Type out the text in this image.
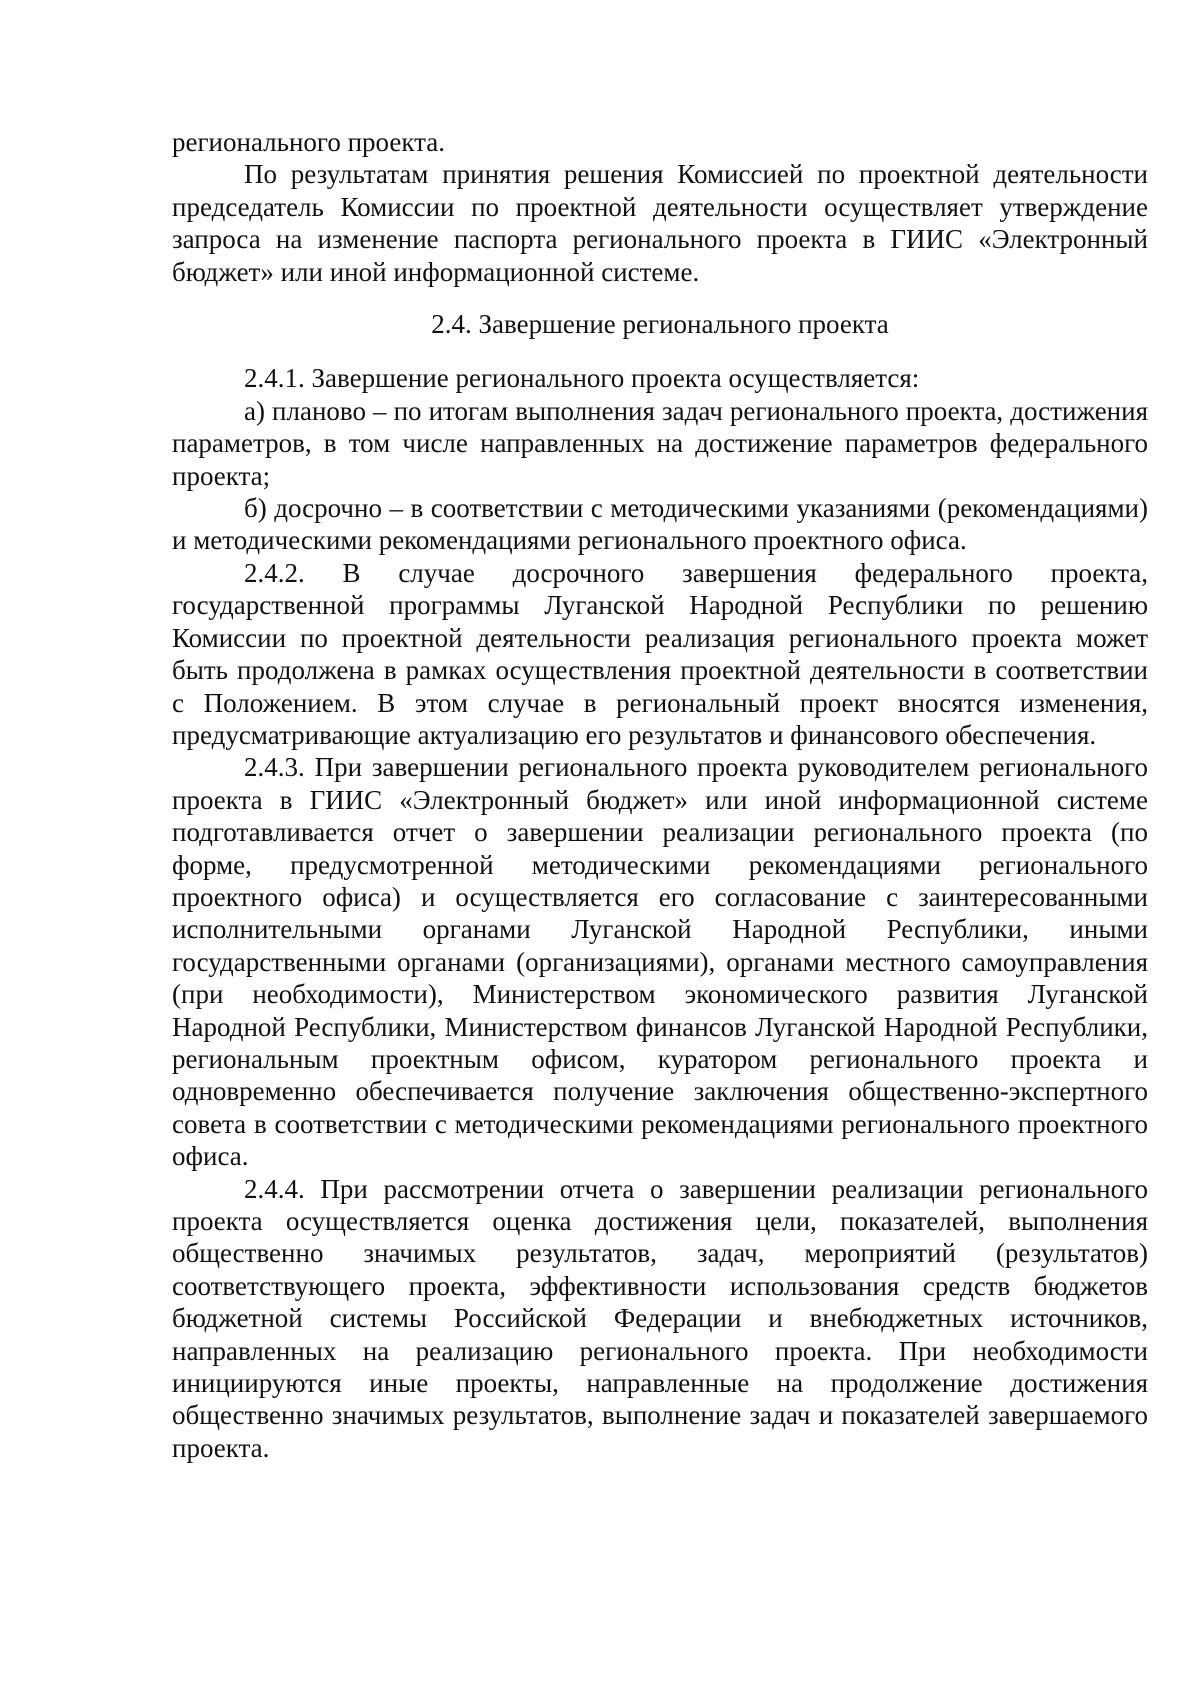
регионального проекта.

По результатам принятия решения Комиссией по проектной деятельности председатель Комиссии по проектной деятельности осуществляет утверждение запроса на изменение паспорта регионального проекта в ГИИС «Электронный бюджет» или иной информационной системе.

2.4. Завершение регионального проекта

2.4.1. Завершение регионального проекта осуществляется:

а) планово – по итогам выполнения задач регионального проекта, достижения параметров, в том числе направленных на достижение параметров федерального проекта;

б) досрочно – в соответствии с методическими указаниями (рекомендациями) и методическими рекомендациями регионального проектного офиса.

2.4.2. В случае досрочного завершения федерального проекта, государственной программы Луганской Народной Республики по решению Комиссии по проектной деятельности реализация регионального проекта может быть продолжена в рамках осуществления проектной деятельности в соответствии с Положением. В этом случае в региональный проект вносятся изменения, предусматривающие актуализацию его результатов и финансового обеспечения.

2.4.3. При завершении регионального проекта руководителем регионального проекта в ГИИС «Электронный бюджет» или иной информационной системе подготавливается отчет о завершении реализации регионального проекта (по форме, предусмотренной методическими рекомендациями регионального проектного офиса) и осуществляется его согласование с заинтересованными исполнительными органами Луганской Народной Республики, иными государственными органами (организациями), органами местного самоуправления (при необходимости), Министерством экономического развития Луганской Народной Республики, Министерством финансов Луганской Народной Республики, региональным проектным офисом, куратором регионального проекта и одновременно обеспечивается получение заключения общественно-экспертного совета в соответствии с методическими рекомендациями регионального проектного офиса.

2.4.4. При рассмотрении отчета о завершении реализации регионального проекта осуществляется оценка достижения цели, показателей, выполнения общественно значимых результатов, задач, мероприятий (результатов) соответствующего проекта, эффективности использования средств бюджетов бюджетной системы Российской Федерации и внебюджетных источников, направленных на реализацию регионального проекта. При необходимости инициируются иные проекты, направленные на продолжение достижения общественно значимых результатов, выполнение задач и показателей завершаемого проекта.
